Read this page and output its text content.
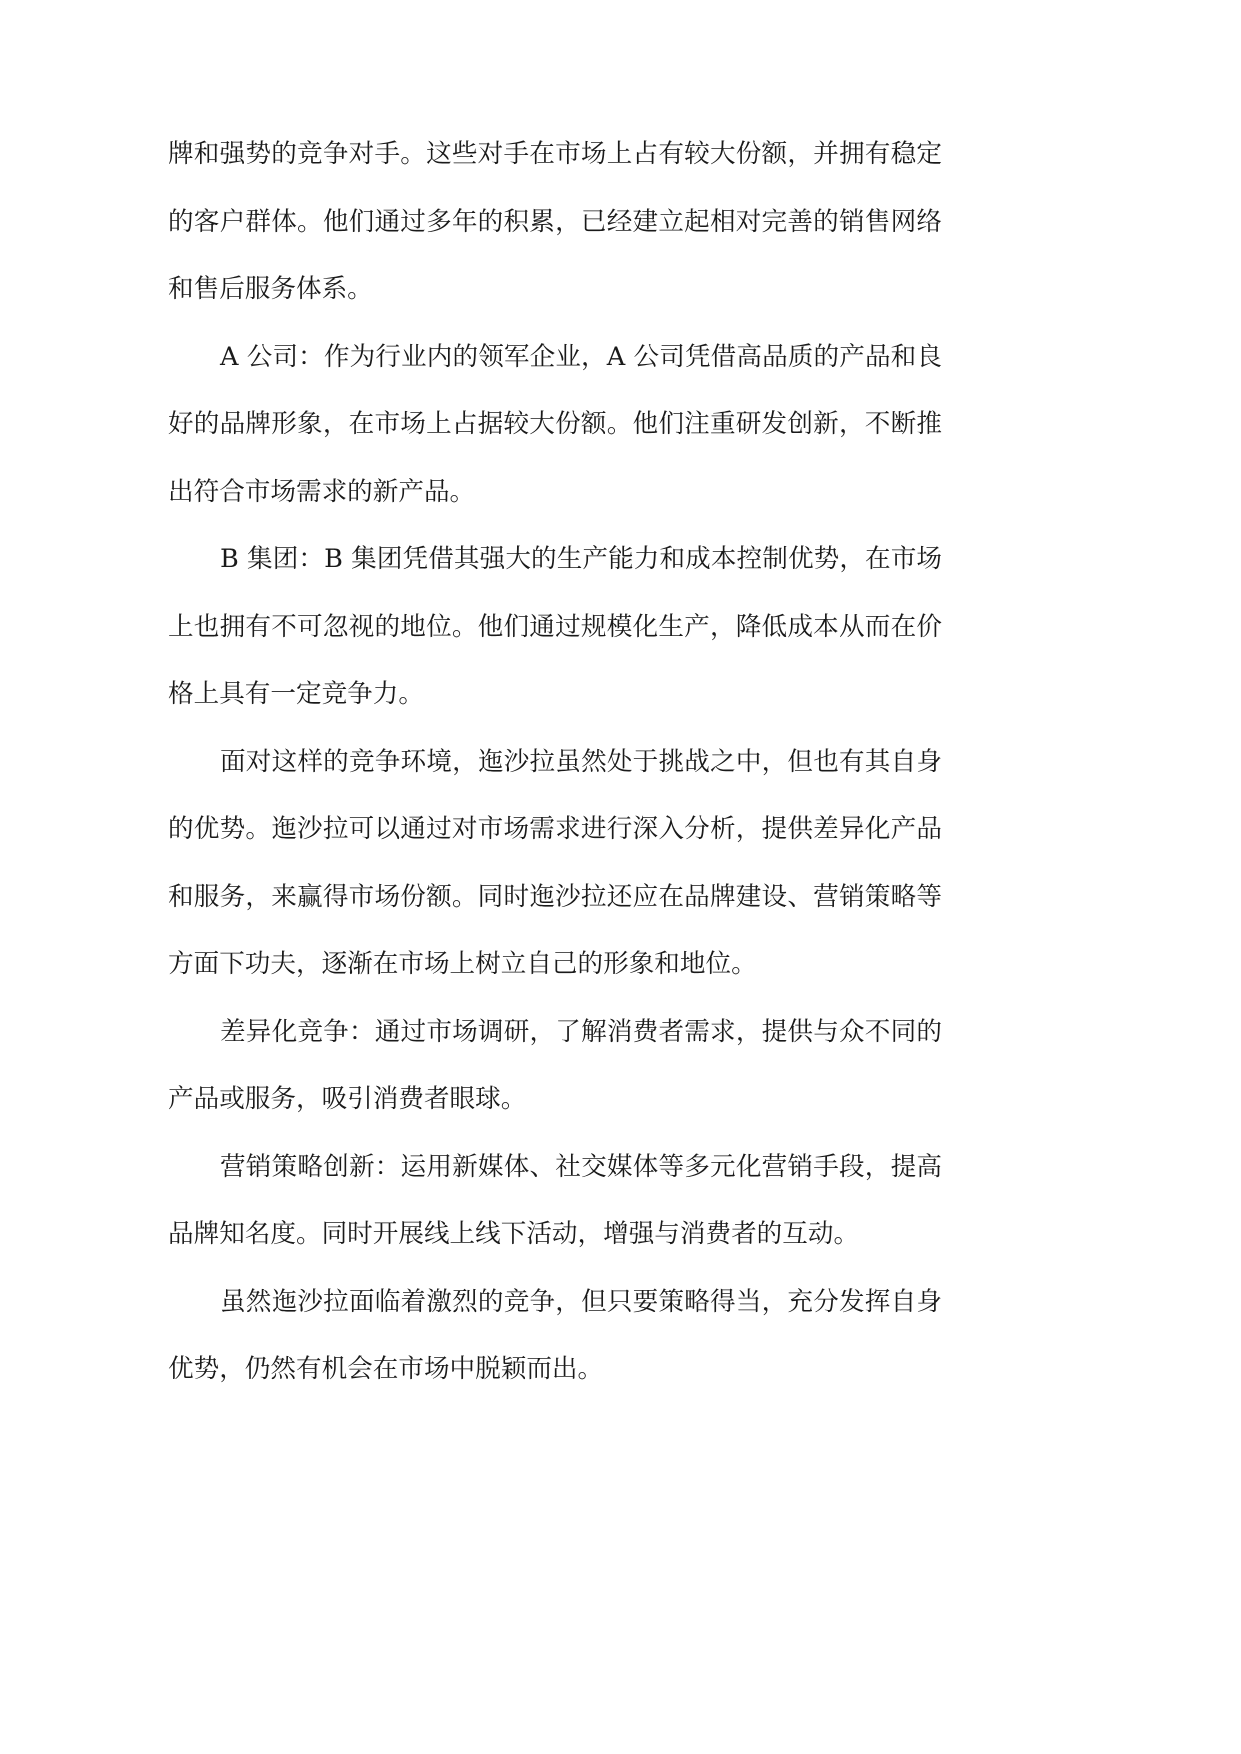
牌和强势的竞争对手。这些对手在市场上占有较大份额，并拥有稳定
的客户群体。他们通过多年的积累，已经建立起相对完善的销售网络
和售后服务体系。
A 公司：作为行业内的领军企业，A 公司凭借高品质的产品和良
好的品牌形象，在市场上占据较大份额。他们注重研发创新，不断推
出符合市场需求的新产品。
B 集团：B 集团凭借其强大的生产能力和成本控制优势，在市场
上也拥有不可忽视的地位。他们通过规模化生产，降低成本从而在价
格上具有一定竞争力。
面对这样的竞争环境，迤沙拉虽然处于挑战之中，但也有其自身
的优势。迤沙拉可以通过对市场需求进行深入分析，提供差异化产品
和服务，来赢得市场份额。同时迤沙拉还应在品牌建设、营销策略等
方面下功夫，逐渐在市场上树立自己的形象和地位。
差异化竞争：通过市场调研，了解消费者需求，提供与众不同的
产品或服务，吸引消费者眼球。
营销策略创新：运用新媒体、社交媒体等多元化营销手段，提高
品牌知名度。同时开展线上线下活动，增强与消费者的互动。
虽然迤沙拉面临着激烈的竞争，但只要策略得当，充分发挥自身
优势，仍然有机会在市场中脱颖而出。
